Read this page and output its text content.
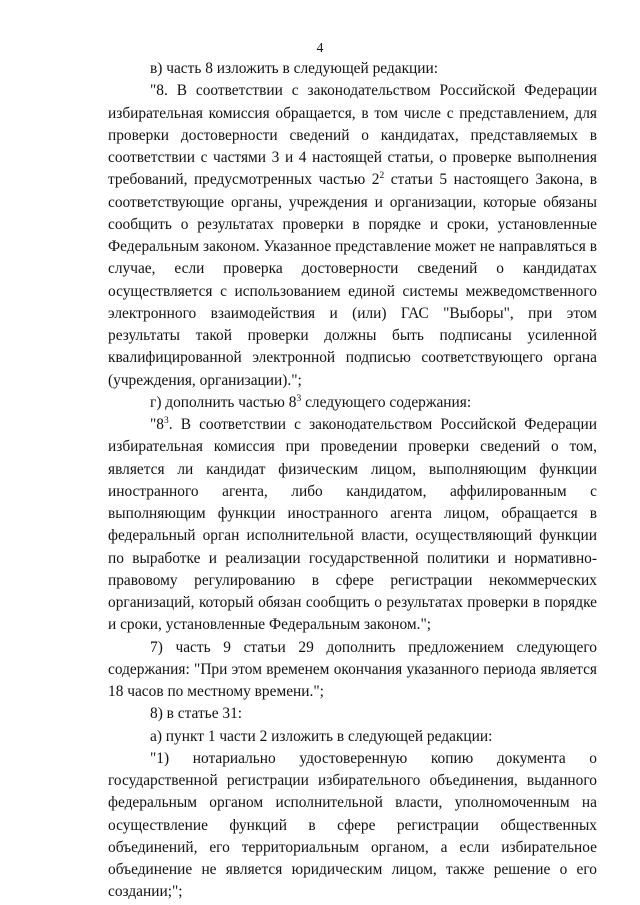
4

в) часть 8 изложить в следующей редакции:

"8. В соответствии с законодательством Российской Федерации избирательная комиссия обращается, в том числе с представлением, для проверки достоверности сведений о кандидатах, представляемых в соответствии с частями 3 и 4 настоящей статьи, о проверке выполнения требований, предусмотренных частью $2^2$ статьи 5 настоящего Закона, в соответствующие органы, учреждения и организации, которые обязаны сообщить о результатах проверки в порядке и сроки, установленные Федеральным законом. Указанное представление может не направляться в случае, если проверка достоверности сведений о кандидатах осуществляется с использованием единой системы межведомственного электронного взаимодействия и (или) ГАС "Выборы", при этом результаты такой проверки должны быть подписаны усиленной квалифицированной электронной подписью соответствующего органа (учреждения, организации).";

г) дополнить частью $8^3$ следующего содержания:

"$8^3$. В соответствии с законодательством Российской Федерации избирательная комиссия при проведении проверки сведений о том, является ли кандидат физическим лицом, выполняющим функции иностранного агента, либо кандидатом, аффилированным с выполняющим функции иностранного агента лицом, обращается в федеральный орган исполнительной власти, осуществляющий функции по выработке и реализации государственной политики и нормативно-правовому регулированию в сфере регистрации некоммерческих организаций, который обязан сообщить о результатах проверки в порядке и сроки, установленные Федеральным законом.";

7) часть 9 статьи 29 дополнить предложением следующего содержания: "При этом временем окончания указанного периода является 18 часов по местному времени.";

8) в статье 31:

а) пункт 1 части 2 изложить в следующей редакции:

"1) нотариально удостоверенную копию документа о государственной регистрации избирательного объединения, выданного федеральным органом исполнительной власти, уполномоченным на осуществление функций в сфере регистрации общественных объединений, его территориальным органом, а если избирательное объединение не является юридическим лицом, также решение о его создании;";
